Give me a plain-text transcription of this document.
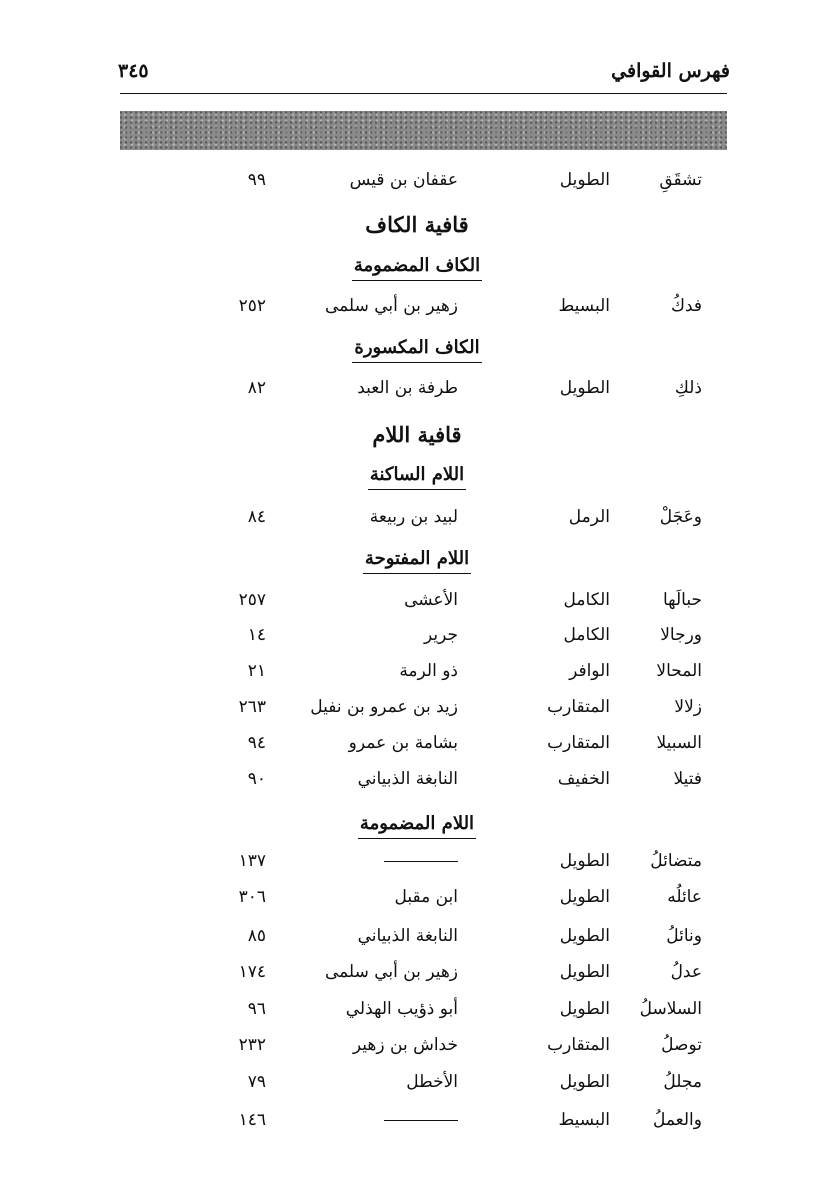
فهرس القوافي
٣٤٥
تشقَقِ
الطويل
عقفان بن قيس
٩٩
قافية الكاف
الكاف المضمومة
فدكُ
البسيط
زهير بن أبي سلمى
٢٥٢
الكاف المكسورة
ذلكِ
الطويل
طرفة بن العبد
٨٢
قافية اللام
اللام الساكنة
وعَجَلْ
الرمل
لبيد بن ربيعة
٨٤
اللام المفتوحة
حبالَها
الكامل
الأعشى
٢٥٧
ورجالا
الكامل
جرير
١٤
المحالا
الوافر
ذو الرمة
٢١
زلالا
المتقارب
زيد بن عمرو بن نفيل
٢٦٣
السبيلا
المتقارب
بشامة بن عمرو
٩٤
فتيلا
الخفيف
النابغة الذبياني
٩٠
اللام المضمومة
متضائلُ
الطويل
١٣٧
عائلُه
الطويل
ابن مقبل
٣٠٦
ونائلُ
الطويل
النابغة الذبياني
٨٥
عدلُ
الطويل
زهير بن أبي سلمى
١٧٤
السلاسلُ
الطويل
أبو ذؤيب الهذلي
٩٦
توصلُ
المتقارب
خداش بن زهير
٢٣٢
مجللُ
الطويل
الأخطل
٧٩
والعملُ
البسيط
١٤٦
